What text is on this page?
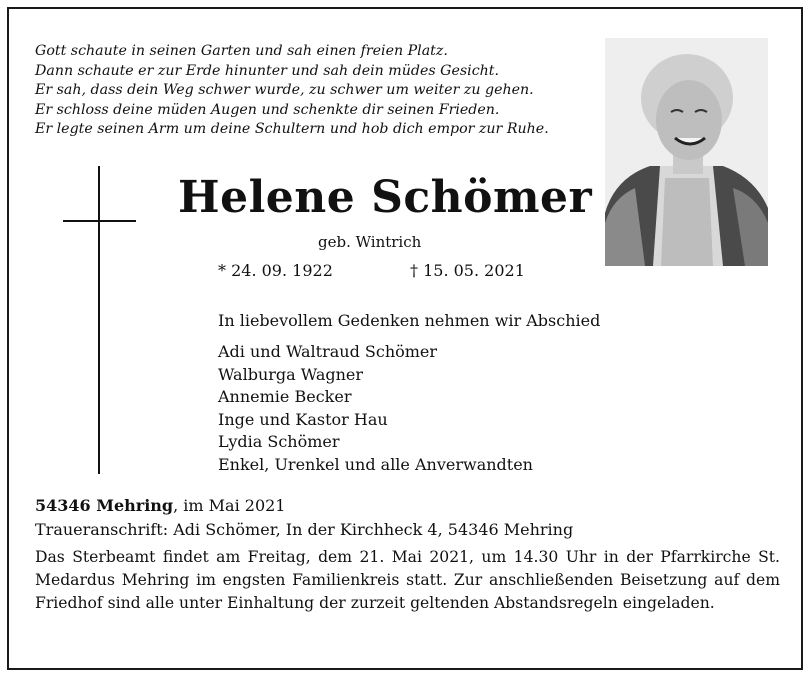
Gott schaute in seinen Garten und sah einen freien Platz.
Dann schaute er zur Erde hinunter und sah dein müdes Gesicht.
Er sah, dass dein Weg schwer wurde, zu schwer um weiter zu gehen.
Er schloss deine müden Augen und schenkte dir seinen Frieden.
Er legte seinen Arm um deine Schultern und hob dich empor zur Ruhe.
Helene Schömer
geb. Wintrich
* 24. 09. 1922	† 15. 05. 2021
In liebevollem Gedenken nehmen wir Abschied
Adi und Waltraud Schömer
Walburga Wagner
Annemie Becker
Inge und Kastor Hau
Lydia Schömer
Enkel, Urenkel und alle Anverwandten
54346 Mehring, im Mai 2021
Traueranschrift: Adi Schömer, In der Kirchheck 4, 54346 Mehring
Das Sterbeamt findet am Freitag, dem 21. Mai 2021, um 14.30 Uhr in der Pfarrkirche St. Medardus Mehring im engsten Familienkreis statt. Zur anschließenden Beisetzung auf dem Friedhof sind alle unter Einhaltung der zurzeit geltenden Abstandsregeln eingeladen.
